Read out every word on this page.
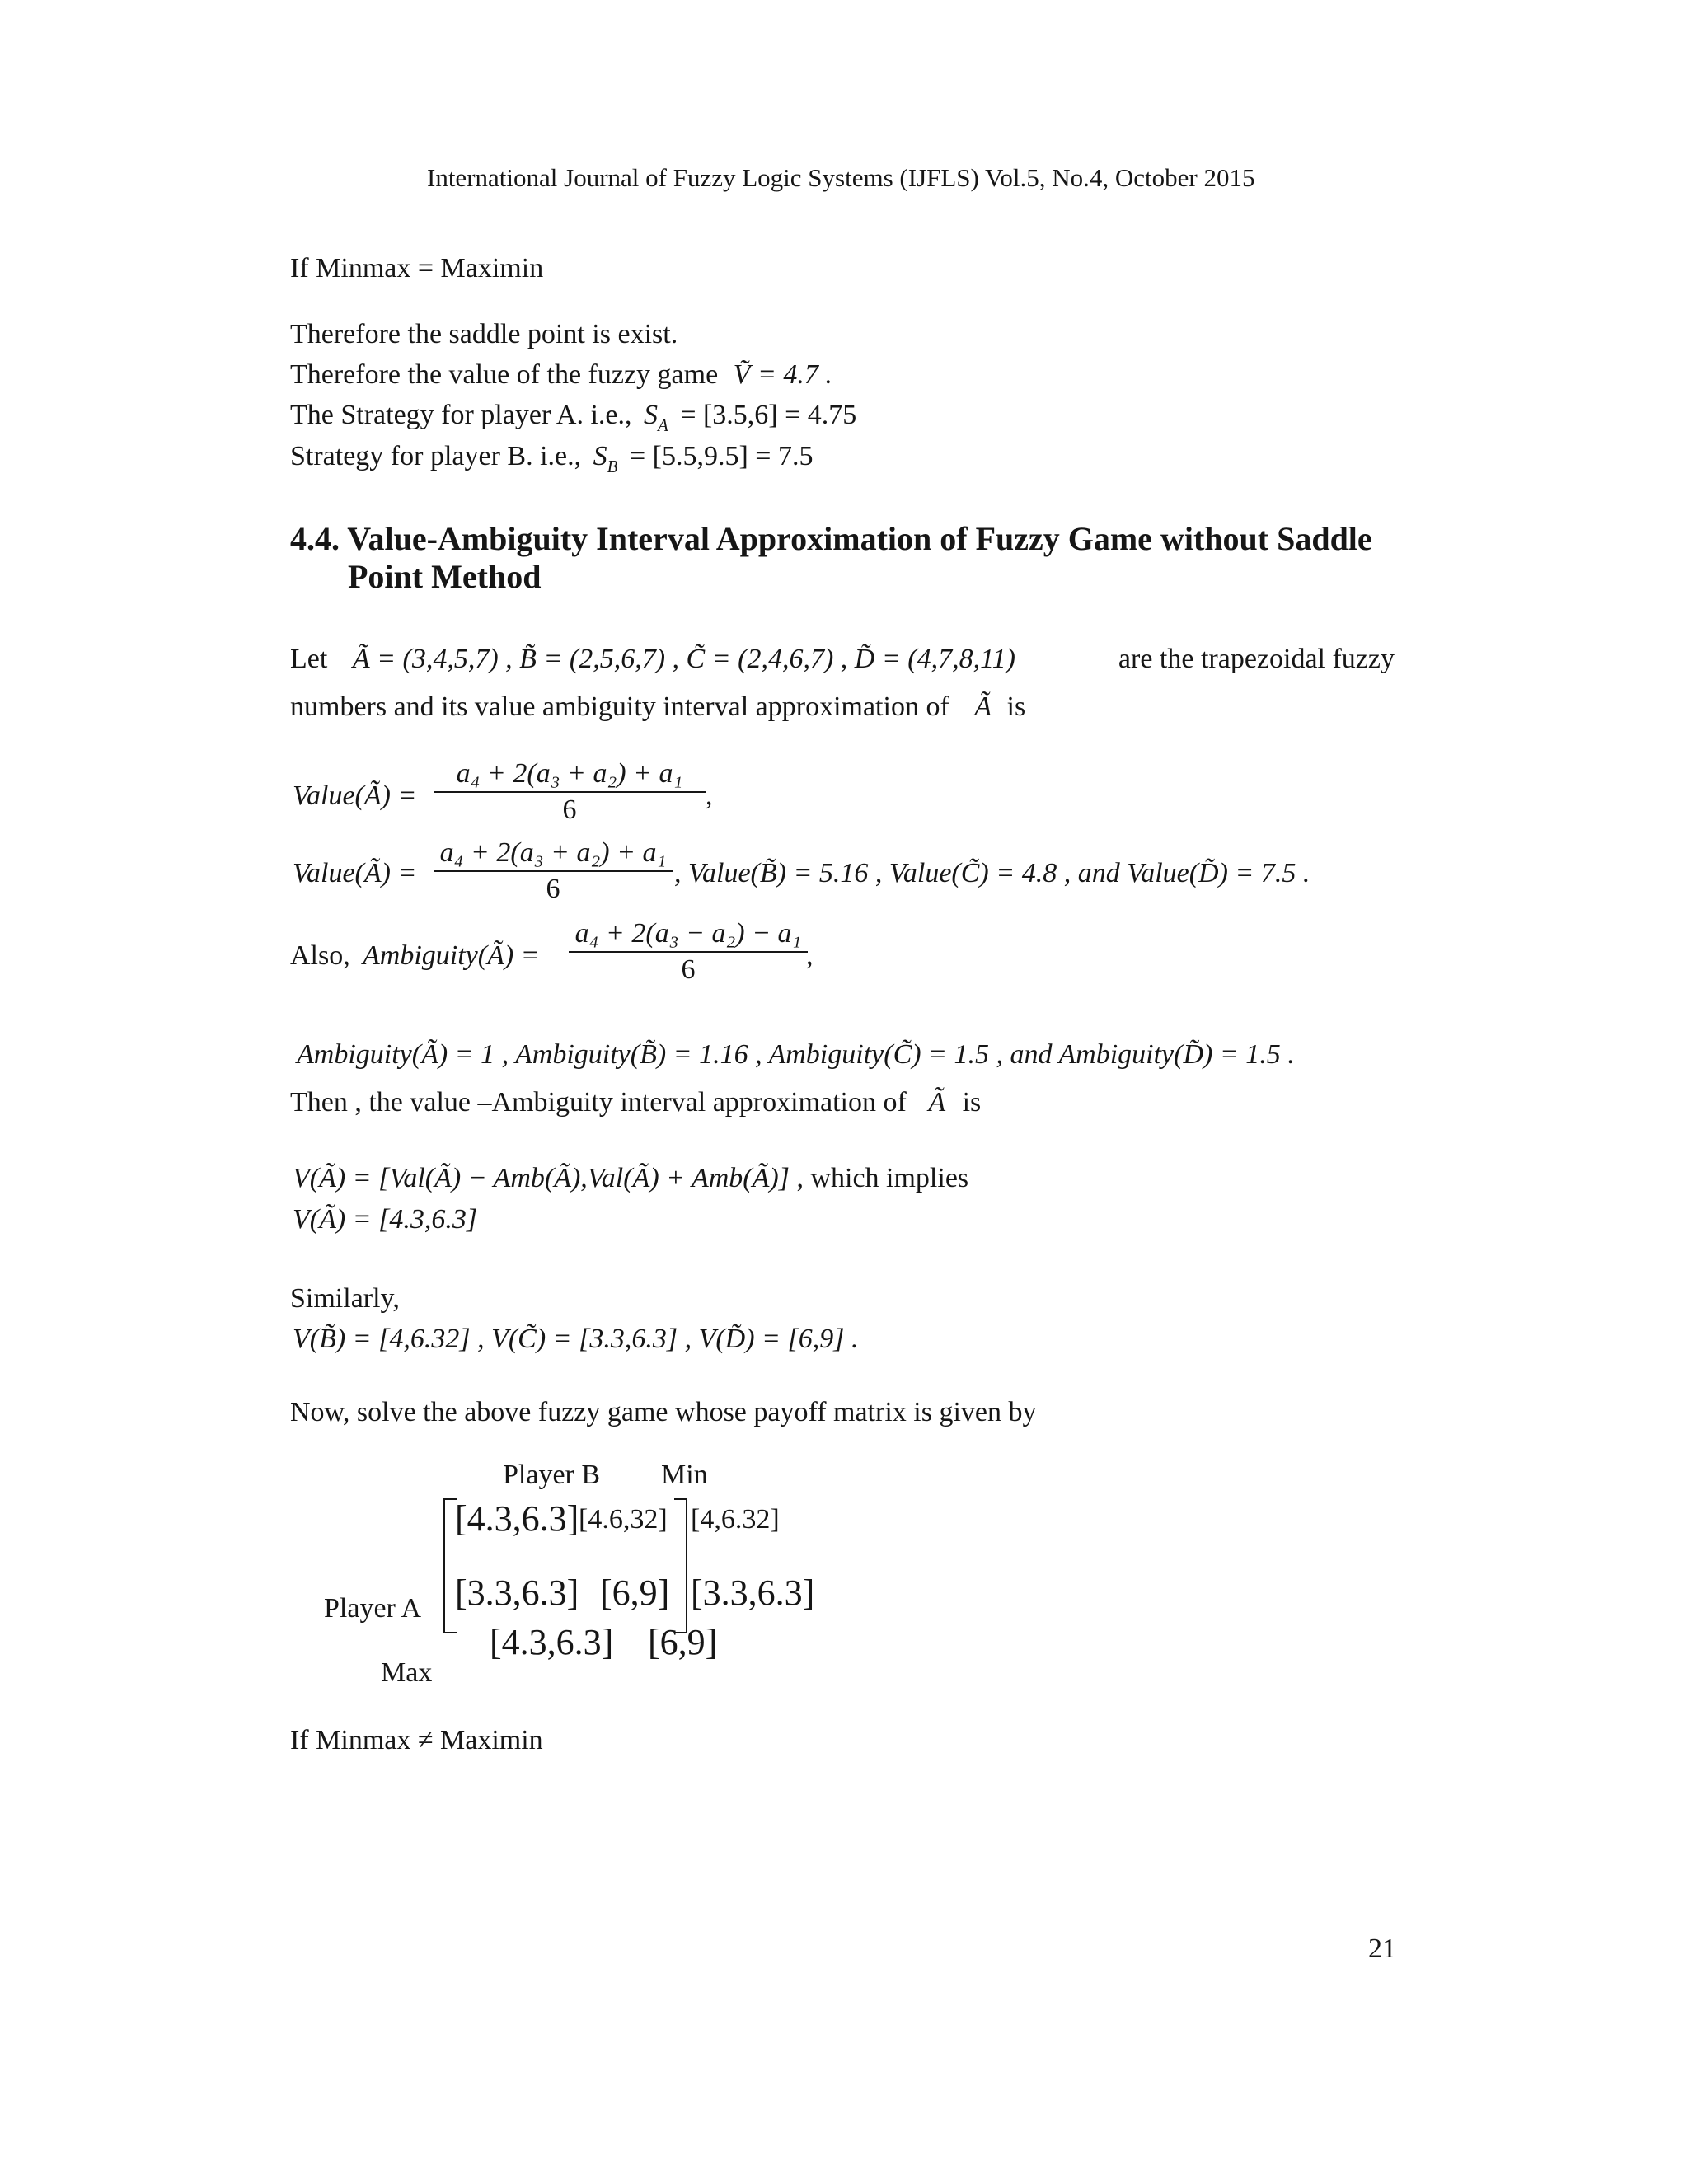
International Journal of Fuzzy Logic Systems (IJFLS) Vol.5, No.4, October 2015
If Minmax = Maximin
Therefore the saddle point is exist.
Therefore the value of the fuzzy game Ṽ = 4.7 .
The Strategy for player A. i.e., $S_A = [3.5,6] = 4.75$
Strategy for player B. i.e., $S_B = [5.5,9.5] = 7.5$
4.4. Value-Ambiguity Interval Approximation of Fuzzy Game without Saddle
Point Method
Let Ã = (3,4,5,7) , B̃ = (2,5,6,7) , C̃ = (2,4,6,7) , D̃ = (4,7,8,11)	are the trapezoidal fuzzy
numbers and its value ambiguity interval approximation of Ã is
Value(Ã) = $\frac{\text{a₄ + 2(a₃ + a₂) + a₁}}{6}$ ,
Value(Ã) = $\frac{\text{a₄ + 2(a₃ + a₂) + a₁}}{6}$ , Value(B̃) = 5.16 , Value(C̃) = 4.8 , and Value(D̃) = 7.5 .
Also, Ambiguity(Ã) = $\frac{\text{a₄ + 2(a₃ − a₂) − a₁}}{6}$
,
Ambiguity(Ã) = 1 , Ambiguity(B̃) = 1.16 , Ambiguity(C̃) = 1.5 , and Ambiguity(D̃) = 1.5 .
Then , the value –Ambiguity interval approximation of Ã is
V(Ã) = [Val(Ã) − Amb(Ã),Val(Ã) + Amb(Ã)] , which implies
V(Ã) = [4.3,6.3]
Similarly,
V(B̃) = [4,6.32] , V(C̃) = [3.3,6.3] , V(D̃) = [6,9] .
Now, solve the above fuzzy game whose payoff matrix is given by
Player B Min
[4.3,6.3] [4.6,32] [4,6.32]
[3.3,6.3] [6,9] [3.3,6.3]
Player A
[4.3,6.3] [6,9]
Max
If Minmax ≠ Maximin
21
